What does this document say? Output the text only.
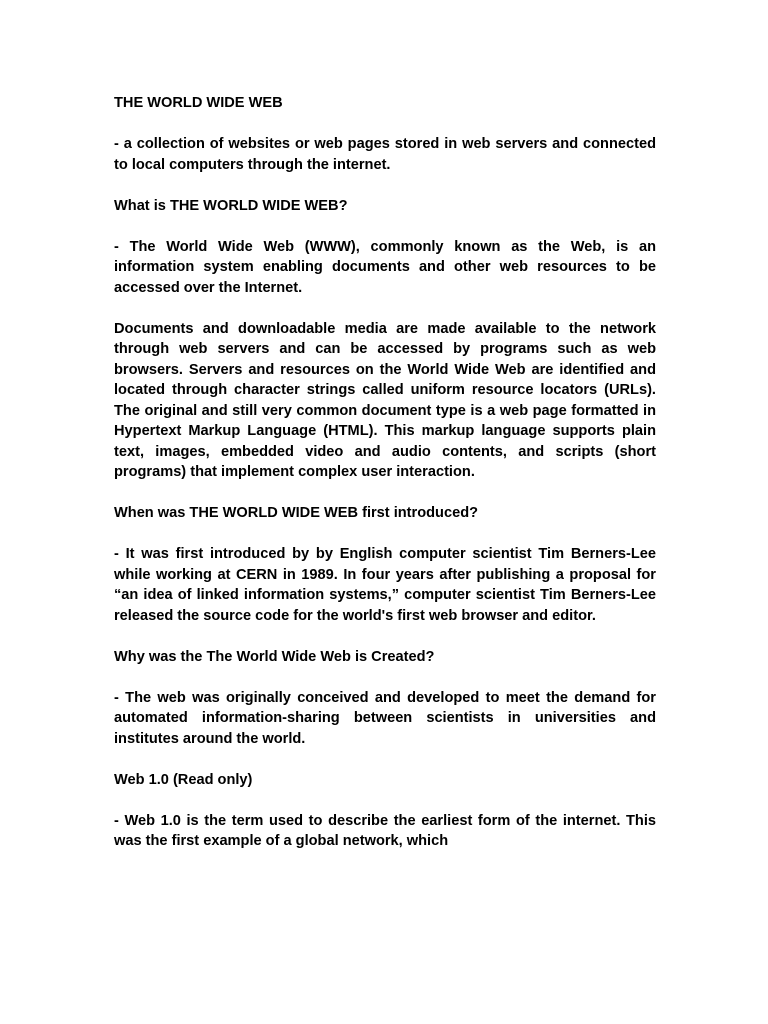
THE WORLD WIDE WEB

- a collection of websites or web pages stored in web servers and connected to local computers through the internet.

What is THE WORLD WIDE WEB?

- The World Wide Web (WWW), commonly known as the Web, is an information system enabling documents and other web resources to be accessed over the Internet.

Documents and downloadable media are made available to the network through web servers and can be accessed by programs such as web browsers. Servers and resources on the World Wide Web are identified and located through character strings called uniform resource locators (URLs). The original and still very common document type is a web page formatted in Hypertext Markup Language (HTML). This markup language supports plain text, images, embedded video and audio contents, and scripts (short programs) that implement complex user interaction.

When was THE WORLD WIDE WEB first introduced?

- It was first introduced by by English computer scientist Tim Berners-Lee while working at CERN in 1989. In four years after publishing a proposal for “an idea of linked information systems,” computer scientist Tim Berners-Lee released the source code for the world's first web browser and editor.

Why was the The World Wide Web is Created?

- The web was originally conceived and developed to meet the demand for automated information-sharing between scientists in universities and institutes around the world.

Web 1.0 (Read only)

- Web 1.0 is the term used to describe the earliest form of the internet. This was the first example of a global network, which
